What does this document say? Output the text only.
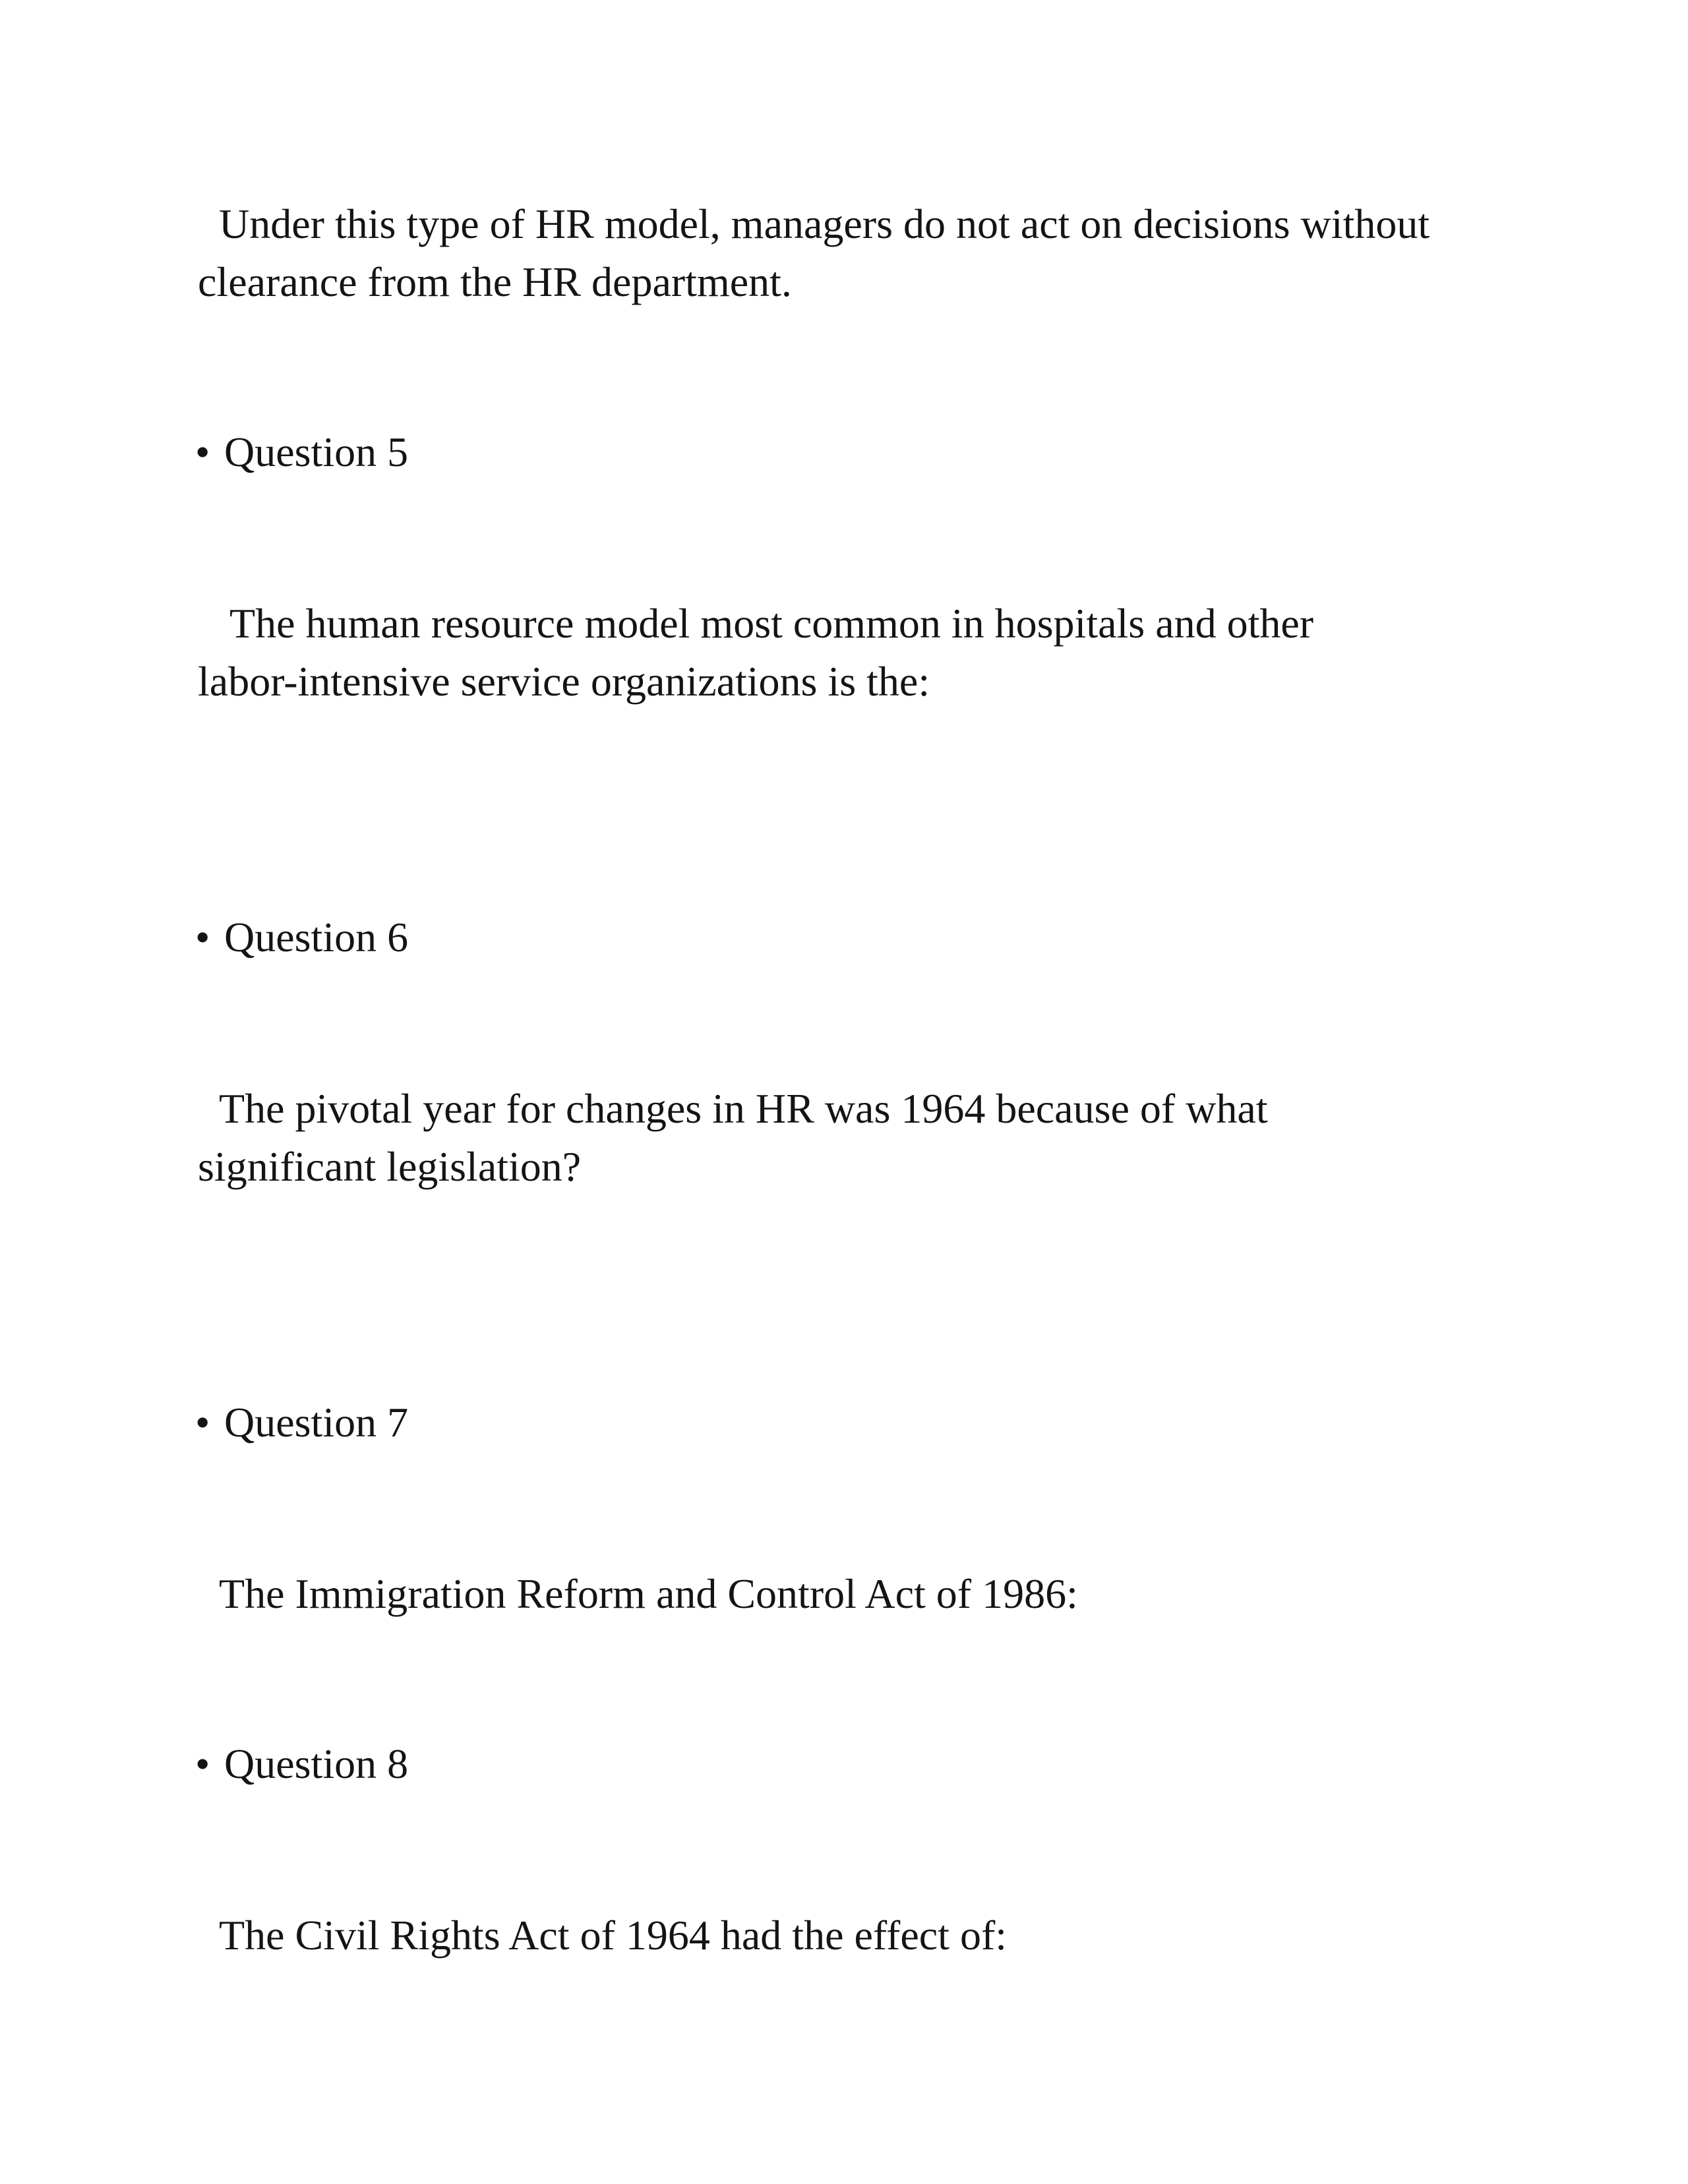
Under this type of HR model, managers do not act on decisions without
clearance from the HR department.

• Question 5

The human resource model most common in hospitals and other
labor-intensive service organizations is the:

• Question 6

The pivotal year for changes in HR was 1964 because of what
significant legislation?

• Question 7

The Immigration Reform and Control Act of 1986:

• Question 8

The Civil Rights Act of 1964 had the effect of:
